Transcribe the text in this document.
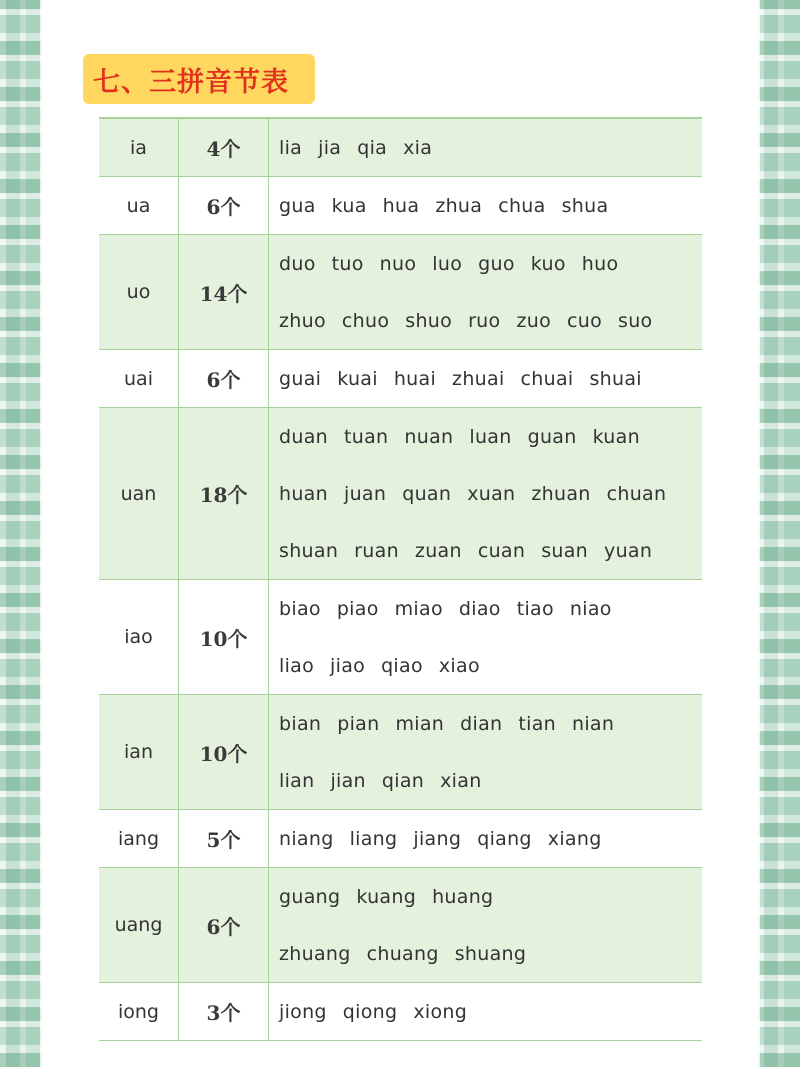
七、三拼音节表
ia	4个	lia jia qia xia
ua	6个	gua kua hua zhua chua shua
uo	14个
duo tuo nuo luo guo kuo huo
zhuo chuo shuo ruo zuo cuo suo
uai	6个	guai kuai huai zhuai chuai shuai
uan	18个
duan tuan nuan luan guan kuan
huan juan quan xuan zhuan chuan
shuan ruan zuan cuan suan yuan
iao	10个
biao piao miao diao tiao niao
liao jiao qiao xiao
ian	10个
bian pian mian dian tian nian
lian jian qian xian
iang	5个	niang liang jiang qiang xiang
uang	6个
guang kuang huang
zhuang chuang shuang
iong	3个	jiong qiong xiong
